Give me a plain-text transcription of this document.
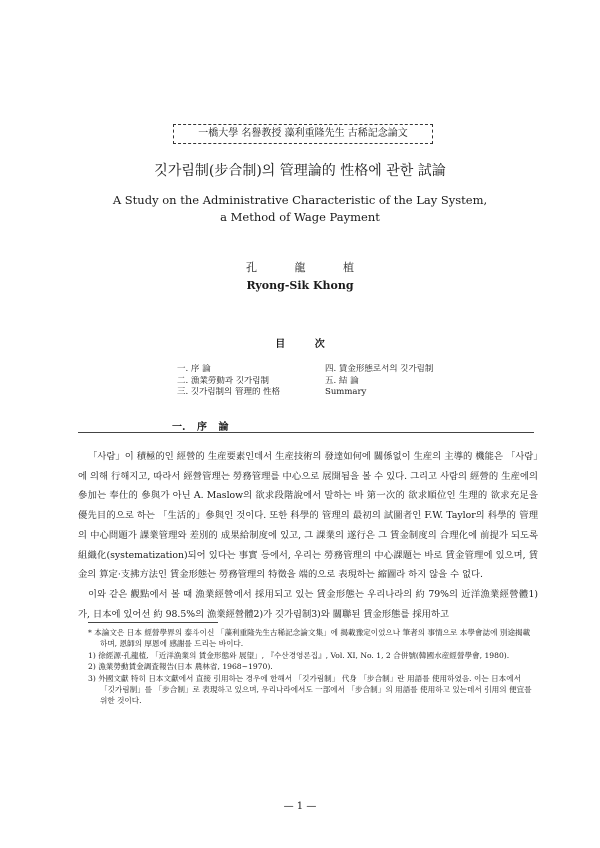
一橋大學 名譽教授 藻利重隆先生 古稀記念論文
깃가림制(步合制)의 管理論的 性格에 관한 試論
A Study on the Administrative Characteristic of the Lay System,
a Method of Wage Payment
孔 龍 植
Ryong-Sik Khong
目 次
一. 序 論
二. 漁業勞動과 깃가림制
三. 깃가림制의 管理的 性格
四. 賃金形態로서의 깃가림制
五. 結 論
Summary
一. 序 論

「사람」이 積極的인 經營的 生産要素인데서 生産技術의 發達如何에 關係없이 生産의 主導的 機能은 「사람」에 의해 行해지고, 따라서 經營管理는 勞務管理를 中心으로 展開됨을 볼 수 있다. 그리고 사람의 經營的 生産에의 參加는 奉仕的 參與가 아닌 A. Maslow의 欲求段階說에서 말하는 바 第一次的 欲求順位인 生理的 欲求充足을 優先目的으로 하는 「生活的」參與인 것이다. 또한 科學的 管理의 最初의 試圖者인 F.W. Taylor의 科學的 管理의 中心問題가 課業管理와 差別的 成果給制度에 있고, 그 課業의 遂行은 그 賃金制度의 合理化에 前提가 되도록 組織化(systematization)되어 있다는 事實 등에서, 우리는 勞務管理의 中心課題는 바로 賃金管理에 있으며, 賃金의 算定·支拂方法인 賃金形態는 勞務管理의 特徵을 端的으로 表現하는 縮圖라 하지 않을 수 없다.

이와 같은 觀點에서 볼 때 漁業經營에서 採用되고 있는 賃金形態는 우리나라의 約 79%의 近洋漁業經營體1)가, 日本에 있어선 約 98.5%의 漁業經營體2)가 깃가림制3)와 關聯된 賃金形態를 採用하고

* 本論文은 日本 經營學界의 泰斗이신 「藻利重隆先生古稀記念論文集」에 揭載豫定이었으나 筆者의 事情으로 本學會誌에 別途揭載하며, 恩師의 厚恩에 感謝를 드리는 바이다.
1) 徐經源·孔龍植, 「近洋漁業의 賃金形態와 展望」, 『수산경영론집』, Vol. XI, No. 1, 2 合併號(韓國水産經營學會, 1980).
2) 漁業勞動賃金調査報告(日本 農林省, 1968~1970).
3) 外國文獻 特히 日本文獻에서 直接 引用하는 경우에 한해서 「깃가림制」 代身 「步合制」란 用語를 使用하였음. 이는 日本에서 「깃가림制」를 「步合制」로 表現하고 있으며, 우리나라에서도 一部에서 「步合制」의 用語를 使用하고 있는데서 引用의 便宜를 위한 것이다.
— 1 —
